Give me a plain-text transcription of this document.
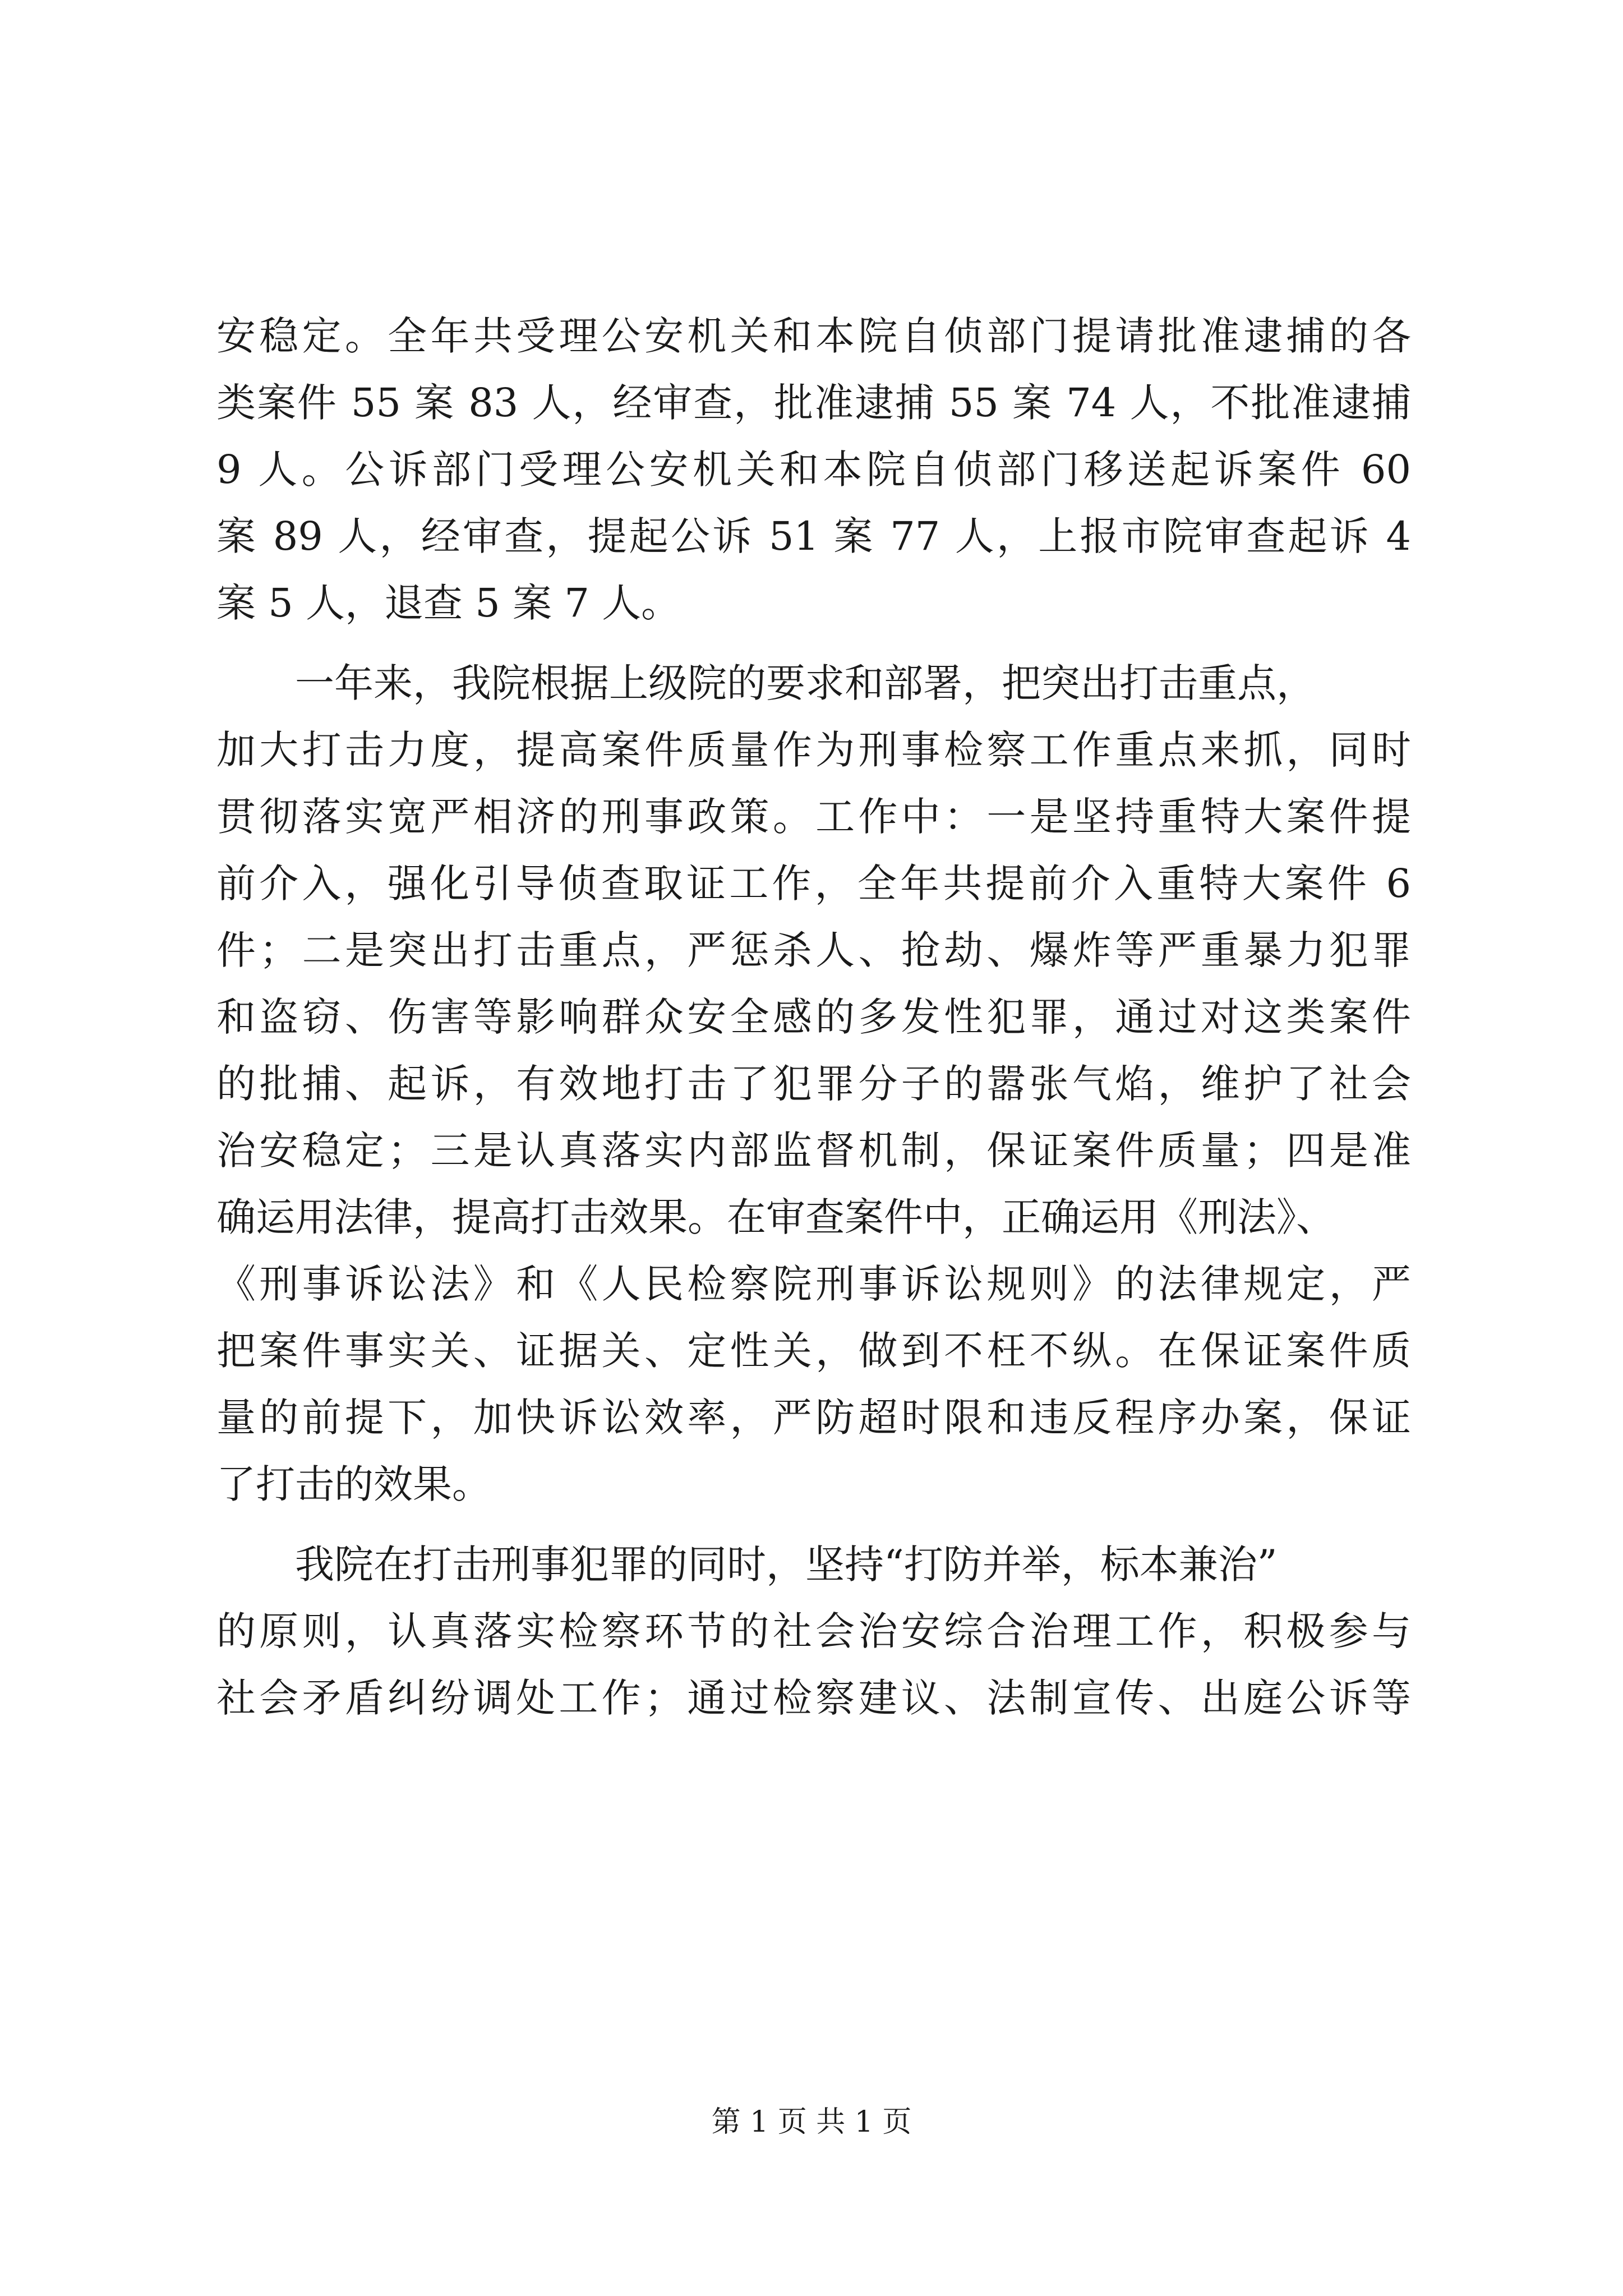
安稳定。全年共受理公安机关和本院自侦部门提请批准逮捕的各
类案件 55 案 83 人，经审查，批准逮捕 55 案 74 人，不批准逮捕
9 人。公诉部门受理公安机关和本院自侦部门移送起诉案件 60
案 89 人，经审查，提起公诉 51 案 77 人，上报市院审查起诉 4
案 5 人，退查 5 案 7 人。
一年来，我院根据上级院的要求和部署，把突出打击重点，
加大打击力度，提高案件质量作为刑事检察工作重点来抓，同时
贯彻落实宽严相济的刑事政策。工作中：一是坚持重特大案件提
前介入，强化引导侦查取证工作，全年共提前介入重特大案件 6
件；二是突出打击重点，严惩杀人、抢劫、爆炸等严重暴力犯罪
和盗窃、伤害等影响群众安全感的多发性犯罪，通过对这类案件
的批捕、起诉，有效地打击了犯罪分子的嚣张气焰，维护了社会
治安稳定；三是认真落实内部监督机制，保证案件质量；四是准
确运用法律，提高打击效果。在审查案件中，正确运用《刑法》、
《刑事诉讼法》和《人民检察院刑事诉讼规则》的法律规定，严
把案件事实关、证据关、定性关，做到不枉不纵。在保证案件质
量的前提下，加快诉讼效率，严防超时限和违反程序办案，保证
了打击的效果。
我院在打击刑事犯罪的同时，坚持“打防并举，标本兼治”
的原则，认真落实检察环节的社会治安综合治理工作，积极参与
社会矛盾纠纷调处工作；通过检察建议、法制宣传、出庭公诉等
第 1 页 共 1 页
